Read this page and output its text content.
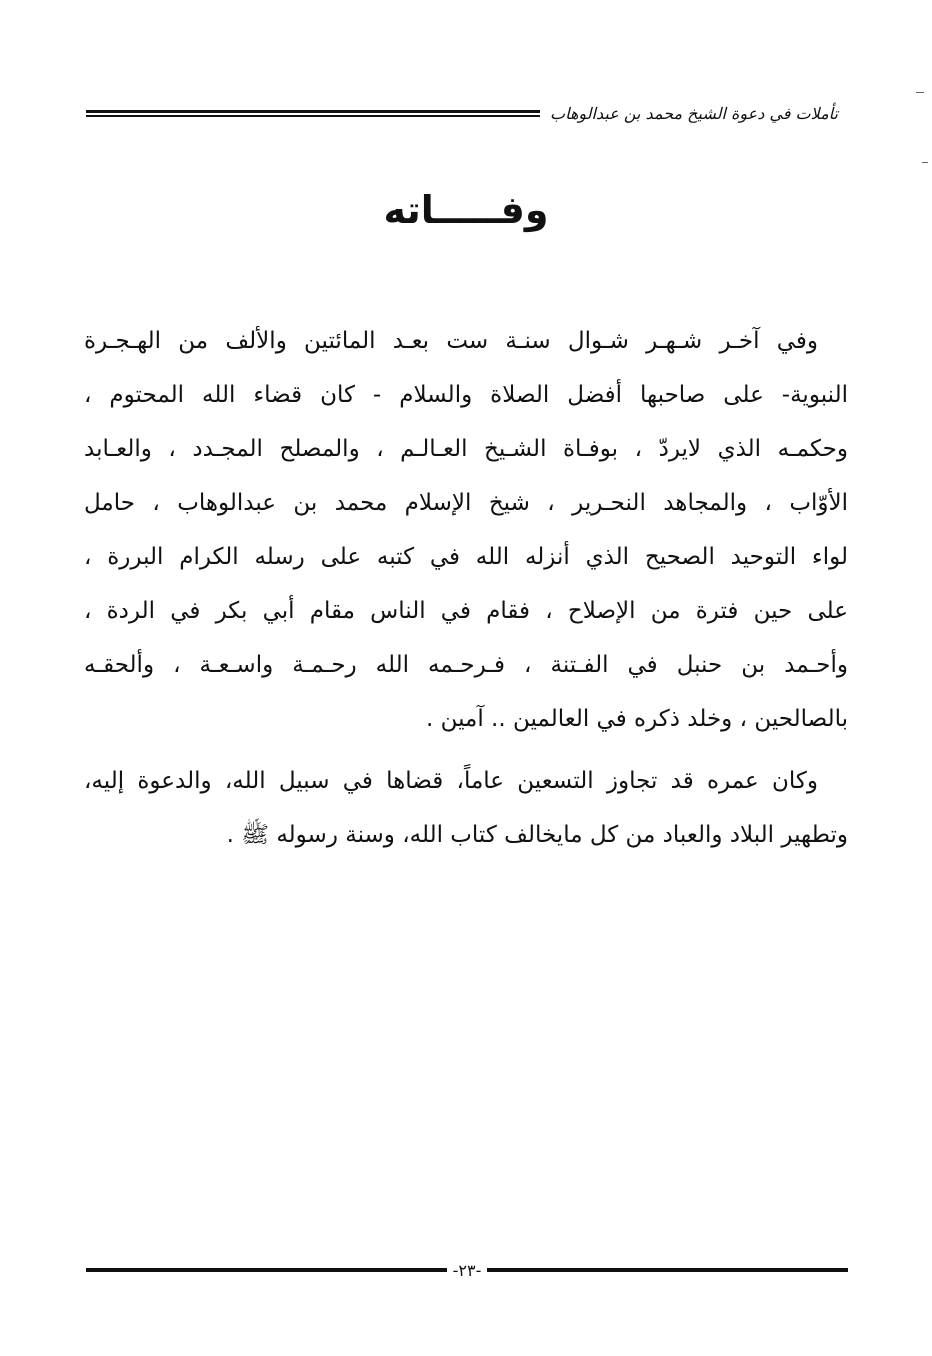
تأملات في دعوة الشيخ محمد بن عبدالوهاب
وفـــــاته
وفي آخـر شـهـر شـوال سنـة ست بعـد المائتين والألف من الهـجـرة
النبوية- على صاحبها أفضل الصلاة والسلام - كان قضاء الله المحتوم ،
وحكمـه الذي لايردّ ، بوفـاة الشـيخ العـالـم ، والمصلح المجـدد ، والعـابد
الأوّاب ، والمجاهد النحـرير ، شيخ الإسلام محمد بن عبدالوهاب ، حامل
لواء التوحيد الصحيح الذي أنزله الله في كتبه على رسله الكرام البررة ،
على حين فترة من الإصلاح ، فقام في الناس مقام أبي بكر في الردة ،
وأحـمد بن حنبل في الفـتنة ، فـرحـمه الله رحـمـة واسـعـة ، وألحقـه
بالصالحين ، وخلد ذكره في العالمين .. آمين .
وكان عمره قد تجاوز التسعين عاماً، قضاها في سبيل الله، والدعوة إليه،
وتطهير البلاد والعباد من كل مايخالف كتاب الله، وسنة رسوله ﷺ .
-٢٣-
